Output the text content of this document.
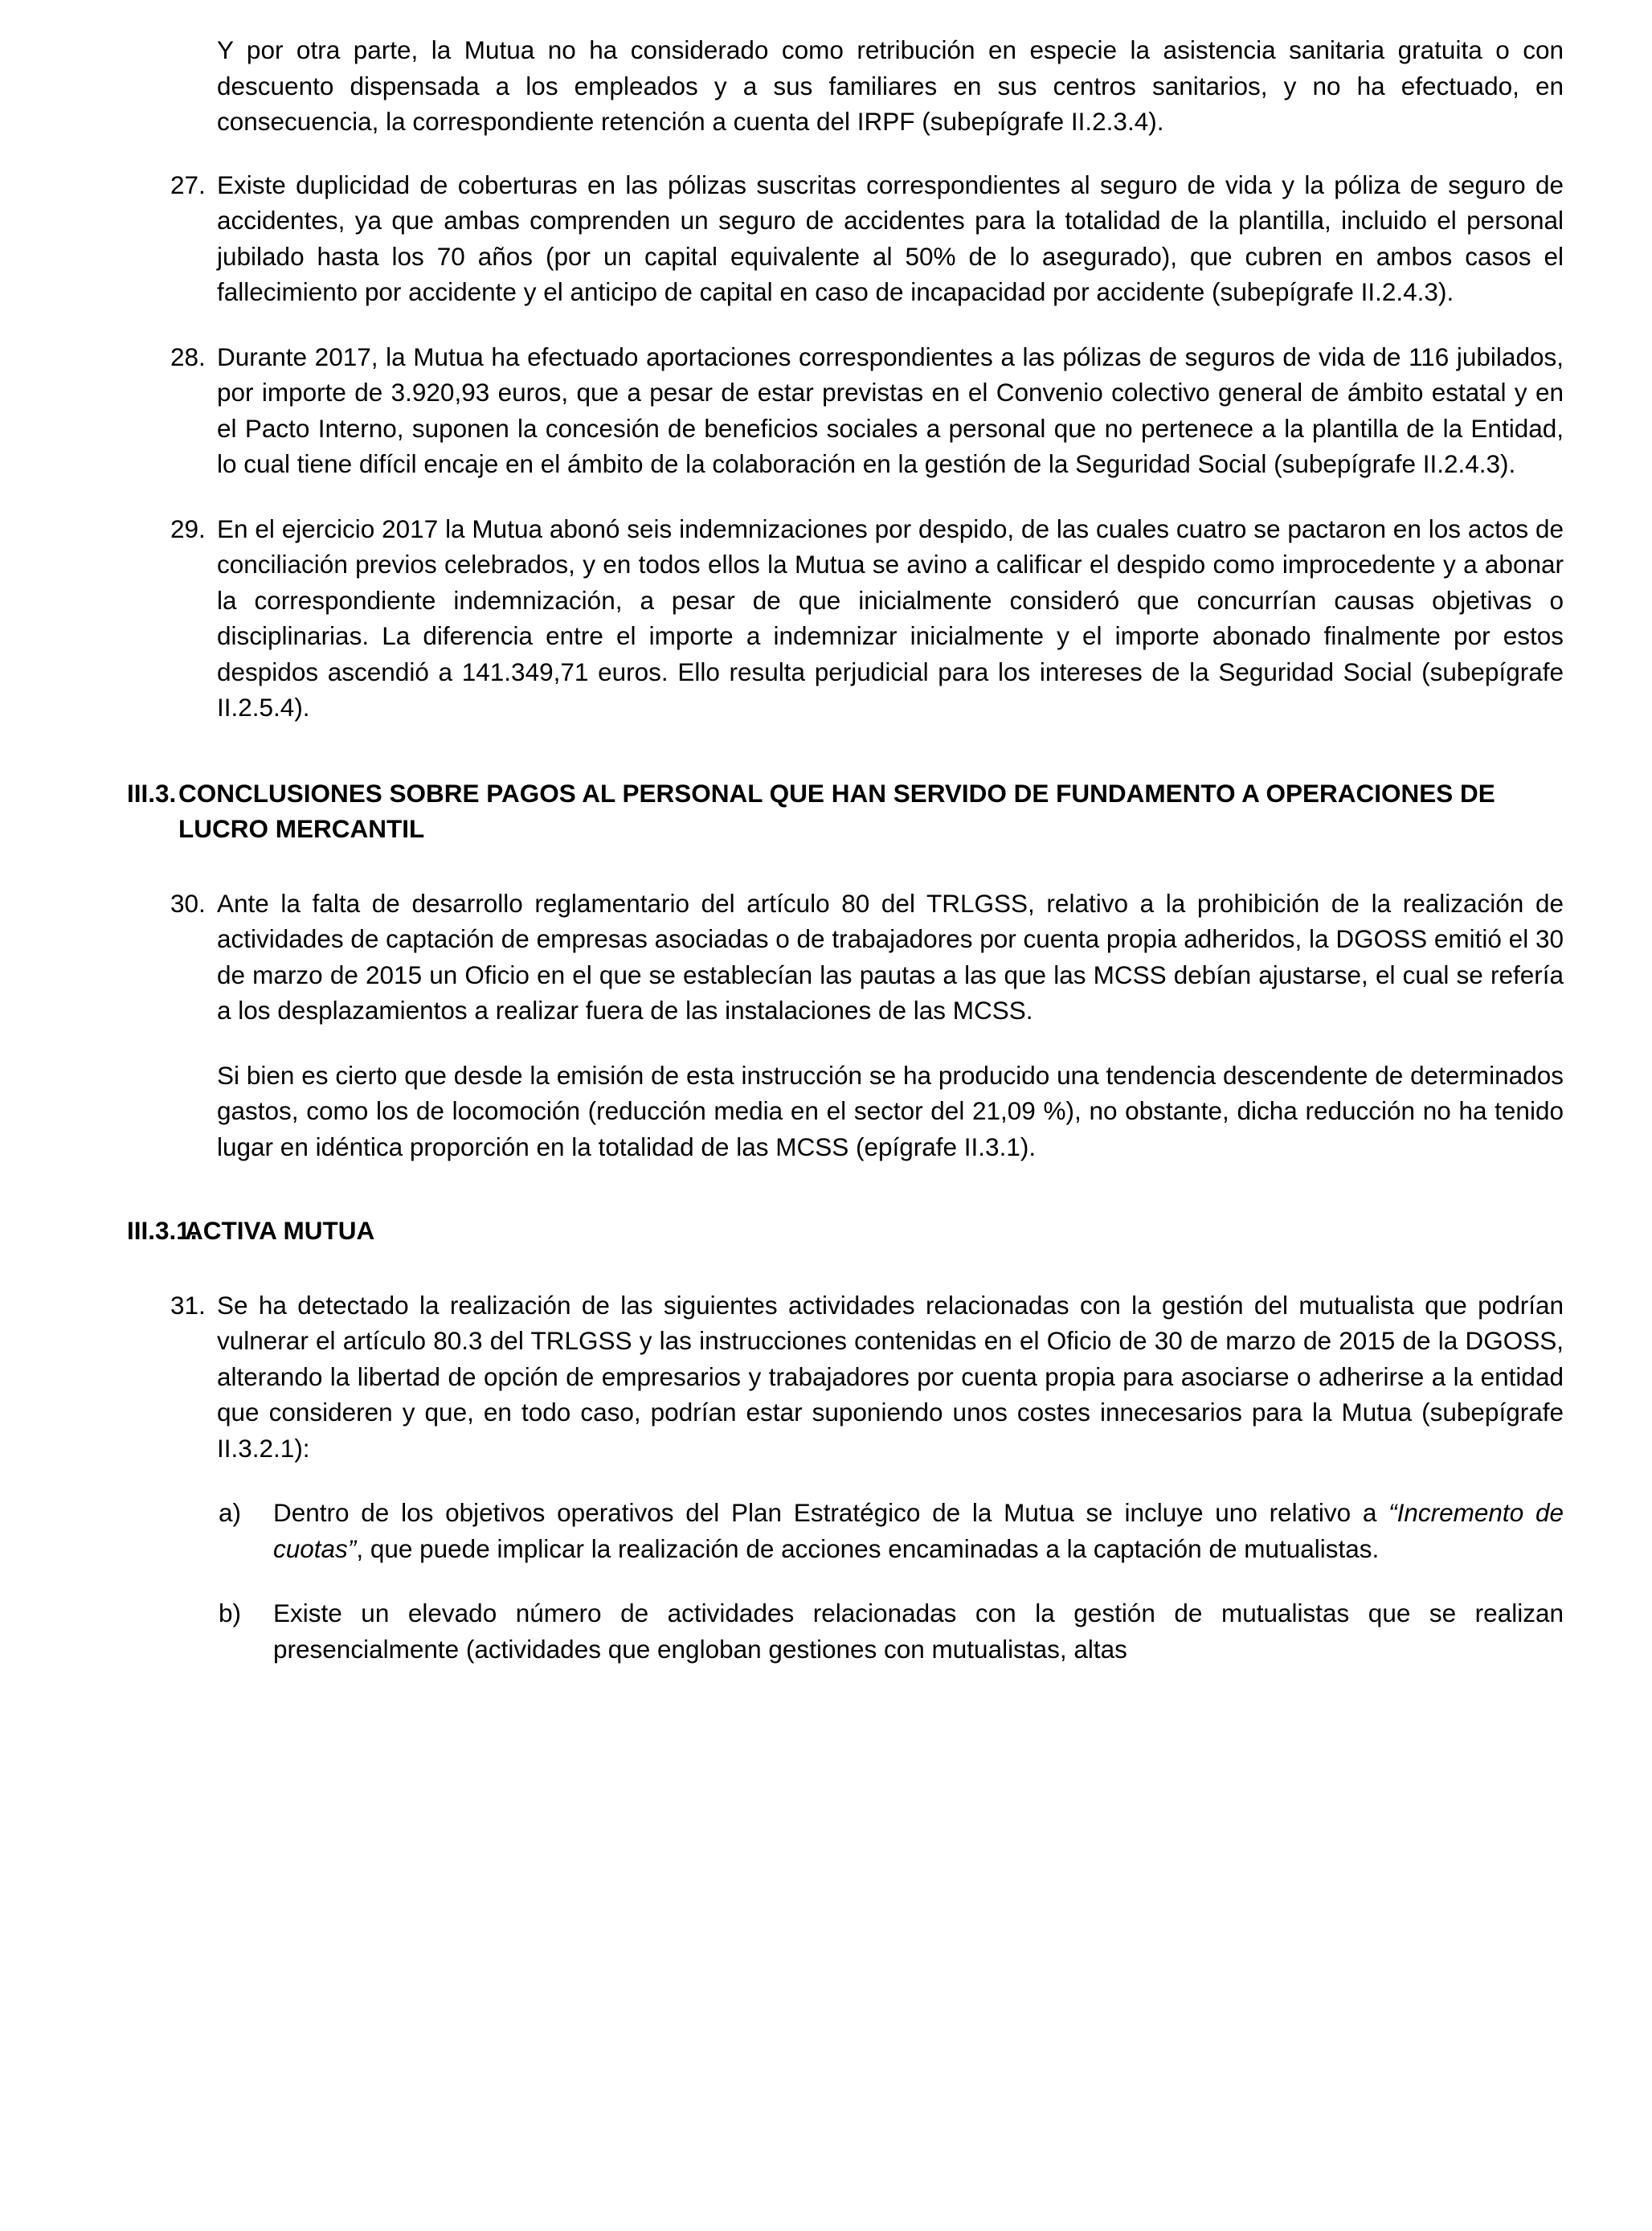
Y por otra parte, la Mutua no ha considerado como retribución en especie la asistencia sanitaria gratuita o con descuento dispensada a los empleados y a sus familiares en sus centros sanitarios, y no ha efectuado, en consecuencia, la correspondiente retención a cuenta del IRPF (subepígrafe II.2.3.4).

27. Existe duplicidad de coberturas en las pólizas suscritas correspondientes al seguro de vida y la póliza de seguro de accidentes, ya que ambas comprenden un seguro de accidentes para la totalidad de la plantilla, incluido el personal jubilado hasta los 70 años (por un capital equivalente al 50% de lo asegurado), que cubren en ambos casos el fallecimiento por accidente y el anticipo de capital en caso de incapacidad por accidente (subepígrafe II.2.4.3).
28. Durante 2017, la Mutua ha efectuado aportaciones correspondientes a las pólizas de seguros de vida de 116 jubilados, por importe de 3.920,93 euros, que a pesar de estar previstas en el Convenio colectivo general de ámbito estatal y en el Pacto Interno, suponen la concesión de beneficios sociales a personal que no pertenece a la plantilla de la Entidad, lo cual tiene difícil encaje en el ámbito de la colaboración en la gestión de la Seguridad Social (subepígrafe II.2.4.3).
29. En el ejercicio 2017 la Mutua abonó seis indemnizaciones por despido, de las cuales cuatro se pactaron en los actos de conciliación previos celebrados, y en todos ellos la Mutua se avino a calificar el despido como improcedente y a abonar la correspondiente indemnización, a pesar de que inicialmente consideró que concurrían causas objetivas o disciplinarias. La diferencia entre el importe a indemnizar inicialmente y el importe abonado finalmente por estos despidos ascendió a 141.349,71 euros. Ello resulta perjudicial para los intereses de la Seguridad Social (subepígrafe II.2.5.4).
III.3. CONCLUSIONES SOBRE PAGOS AL PERSONAL QUE HAN SERVIDO DE FUNDAMENTO A OPERACIONES DE LUCRO MERCANTIL
30. Ante la falta de desarrollo reglamentario del artículo 80 del TRLGSS, relativo a la prohibición de la realización de actividades de captación de empresas asociadas o de trabajadores por cuenta propia adheridos, la DGOSS emitió el 30 de marzo de 2015 un Oficio en el que se establecían las pautas a las que las MCSS debían ajustarse, el cual se refería a los desplazamientos a realizar fuera de las instalaciones de las MCSS.

Si bien es cierto que desde la emisión de esta instrucción se ha producido una tendencia descendente de determinados gastos, como los de locomoción (reducción media en el sector del 21,09 %), no obstante, dicha reducción no ha tenido lugar en idéntica proporción en la totalidad de las MCSS (epígrafe II.3.1).

III.3.1.
ACTIVA MUTUA
31. Se ha detectado la realización de las siguientes actividades relacionadas con la gestión del mutualista que podrían vulnerar el artículo 80.3 del TRLGSS y las instrucciones contenidas en el Oficio de 30 de marzo de 2015 de la DGOSS, alterando la libertad de opción de empresarios y trabajadores por cuenta propia para asociarse o adherirse a la entidad que consideren y que, en todo caso, podrían estar suponiendo unos costes innecesarios para la Mutua (subepígrafe II.3.2.1):
a)	Dentro de los objetivos operativos del Plan Estratégico de la Mutua se incluye uno relativo a “Incremento de cuotas”, que puede implicar la realización de acciones encaminadas a la captación de mutualistas.
b)	Existe un elevado número de actividades relacionadas con la gestión de mutualistas que se realizan presencialmente (actividades que engloban gestiones con mutualistas, altas
